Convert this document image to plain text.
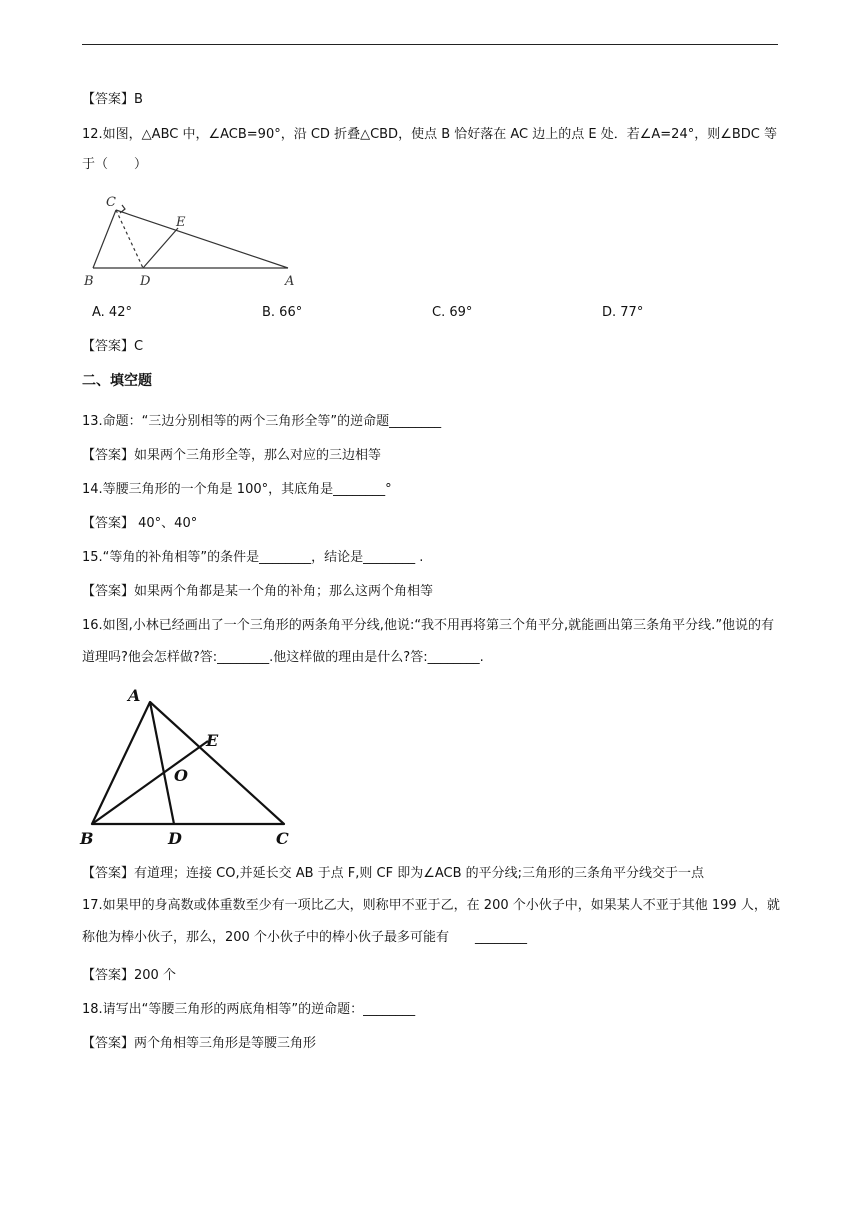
【答案】B
12.如图，△ABC 中，∠ACB=90°，沿 CD 折叠△CBD，使点 B 恰好落在 AC 边上的点 E 处．若∠A=24°，则∠BDC 等于（　　）
C
E
B	D	A
A. 42°	B. 66°	C. 69°	D. 77°
【答案】C
二、填空题
13.命题：“三边分别相等的两个三角形全等”的逆命题________
【答案】如果两个三角形全等，那么对应的三边相等
14.等腰三角形的一个角是 100°，其底角是________°
【答案】 40°、40°
15.“等角的补角相等”的条件是________，结论是________ .
【答案】如果两个角都是某一个角的补角；那么这两个角相等
16.如图,小林已经画出了一个三角形的两条角平分线,他说:“我不用再将第三个角平分,就能画出第三条角平分线.”他说的有道理吗?他会怎样做?答:________.他这样做的理由是什么?答:________.
A
E
O
B	D	C
【答案】有道理；连接 CO,并延长交 AB 于点 F,则 CF 即为∠ACB 的平分线;三角形的三条角平分线交于一点
17.如果甲的身高数或体重数至少有一项比乙大，则称甲不亚于乙，在 200 个小伙子中，如果某人不亚于其他 199 人，就称他为棒小伙子，那么，200 个小伙子中的棒小伙子最多可能有　　________
【答案】200 个
18.请写出“等腰三角形的两底角相等”的逆命题：________
【答案】两个角相等三角形是等腰三角形
